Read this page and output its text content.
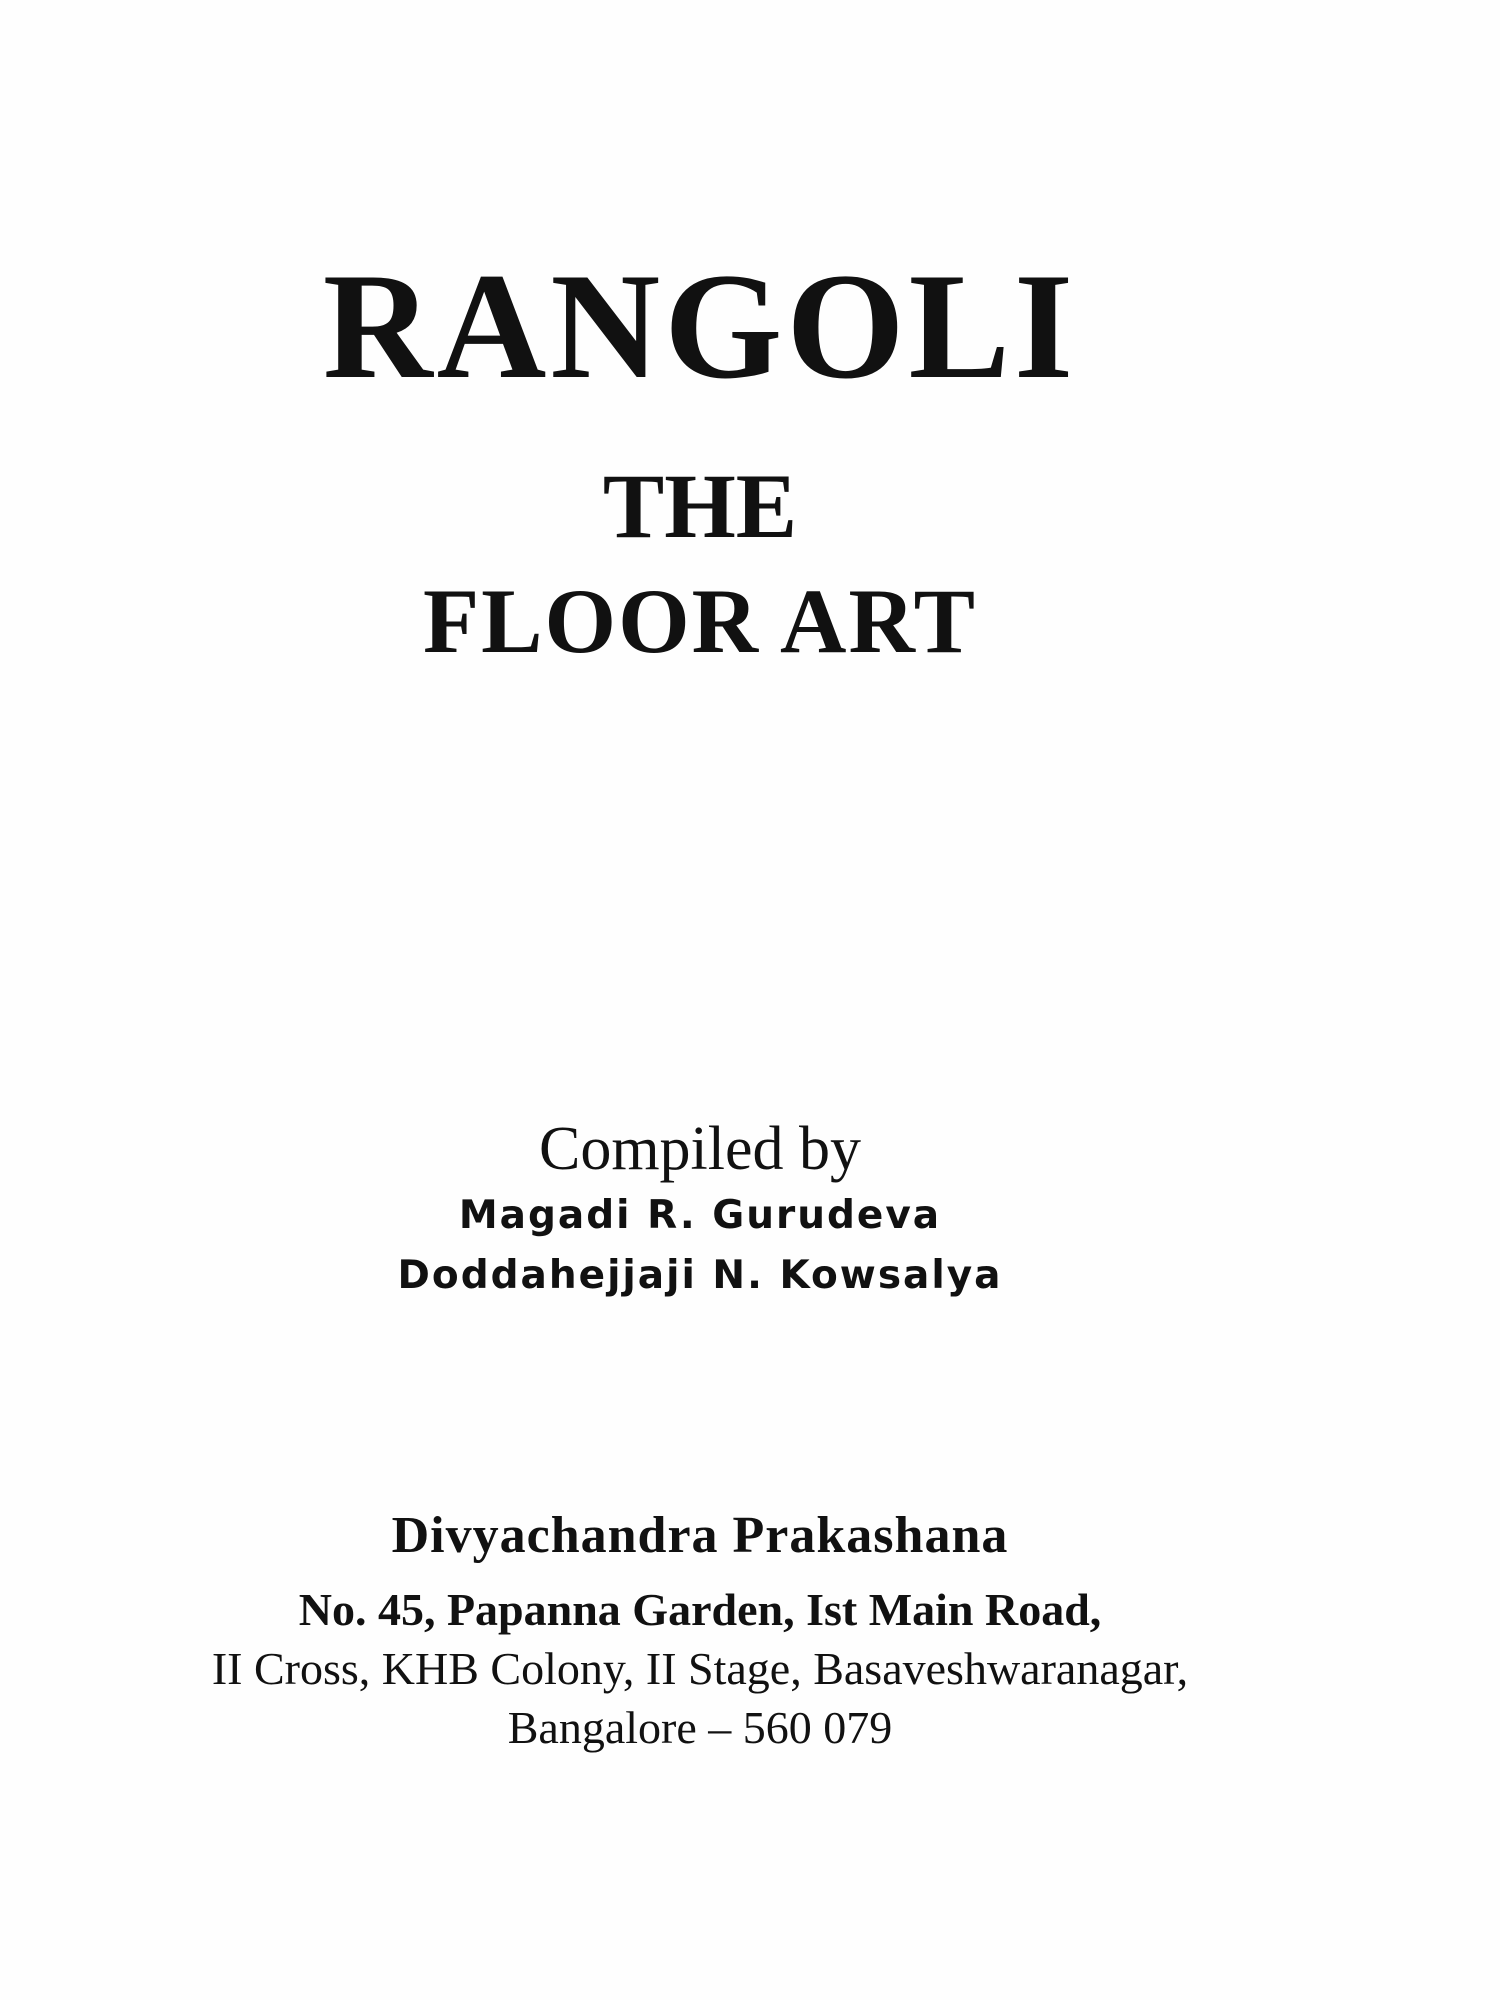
RANGOLI
THE
FLOOR ART
Compiled by
Magadi R. Gurudeva
Doddahejjaji N. Kowsalya
Divyachandra Prakashana
No. 45, Papanna Garden, Ist Main Road,
II Cross, KHB Colony, II Stage, Basaveshwaranagar,
Bangalore – 560 079
